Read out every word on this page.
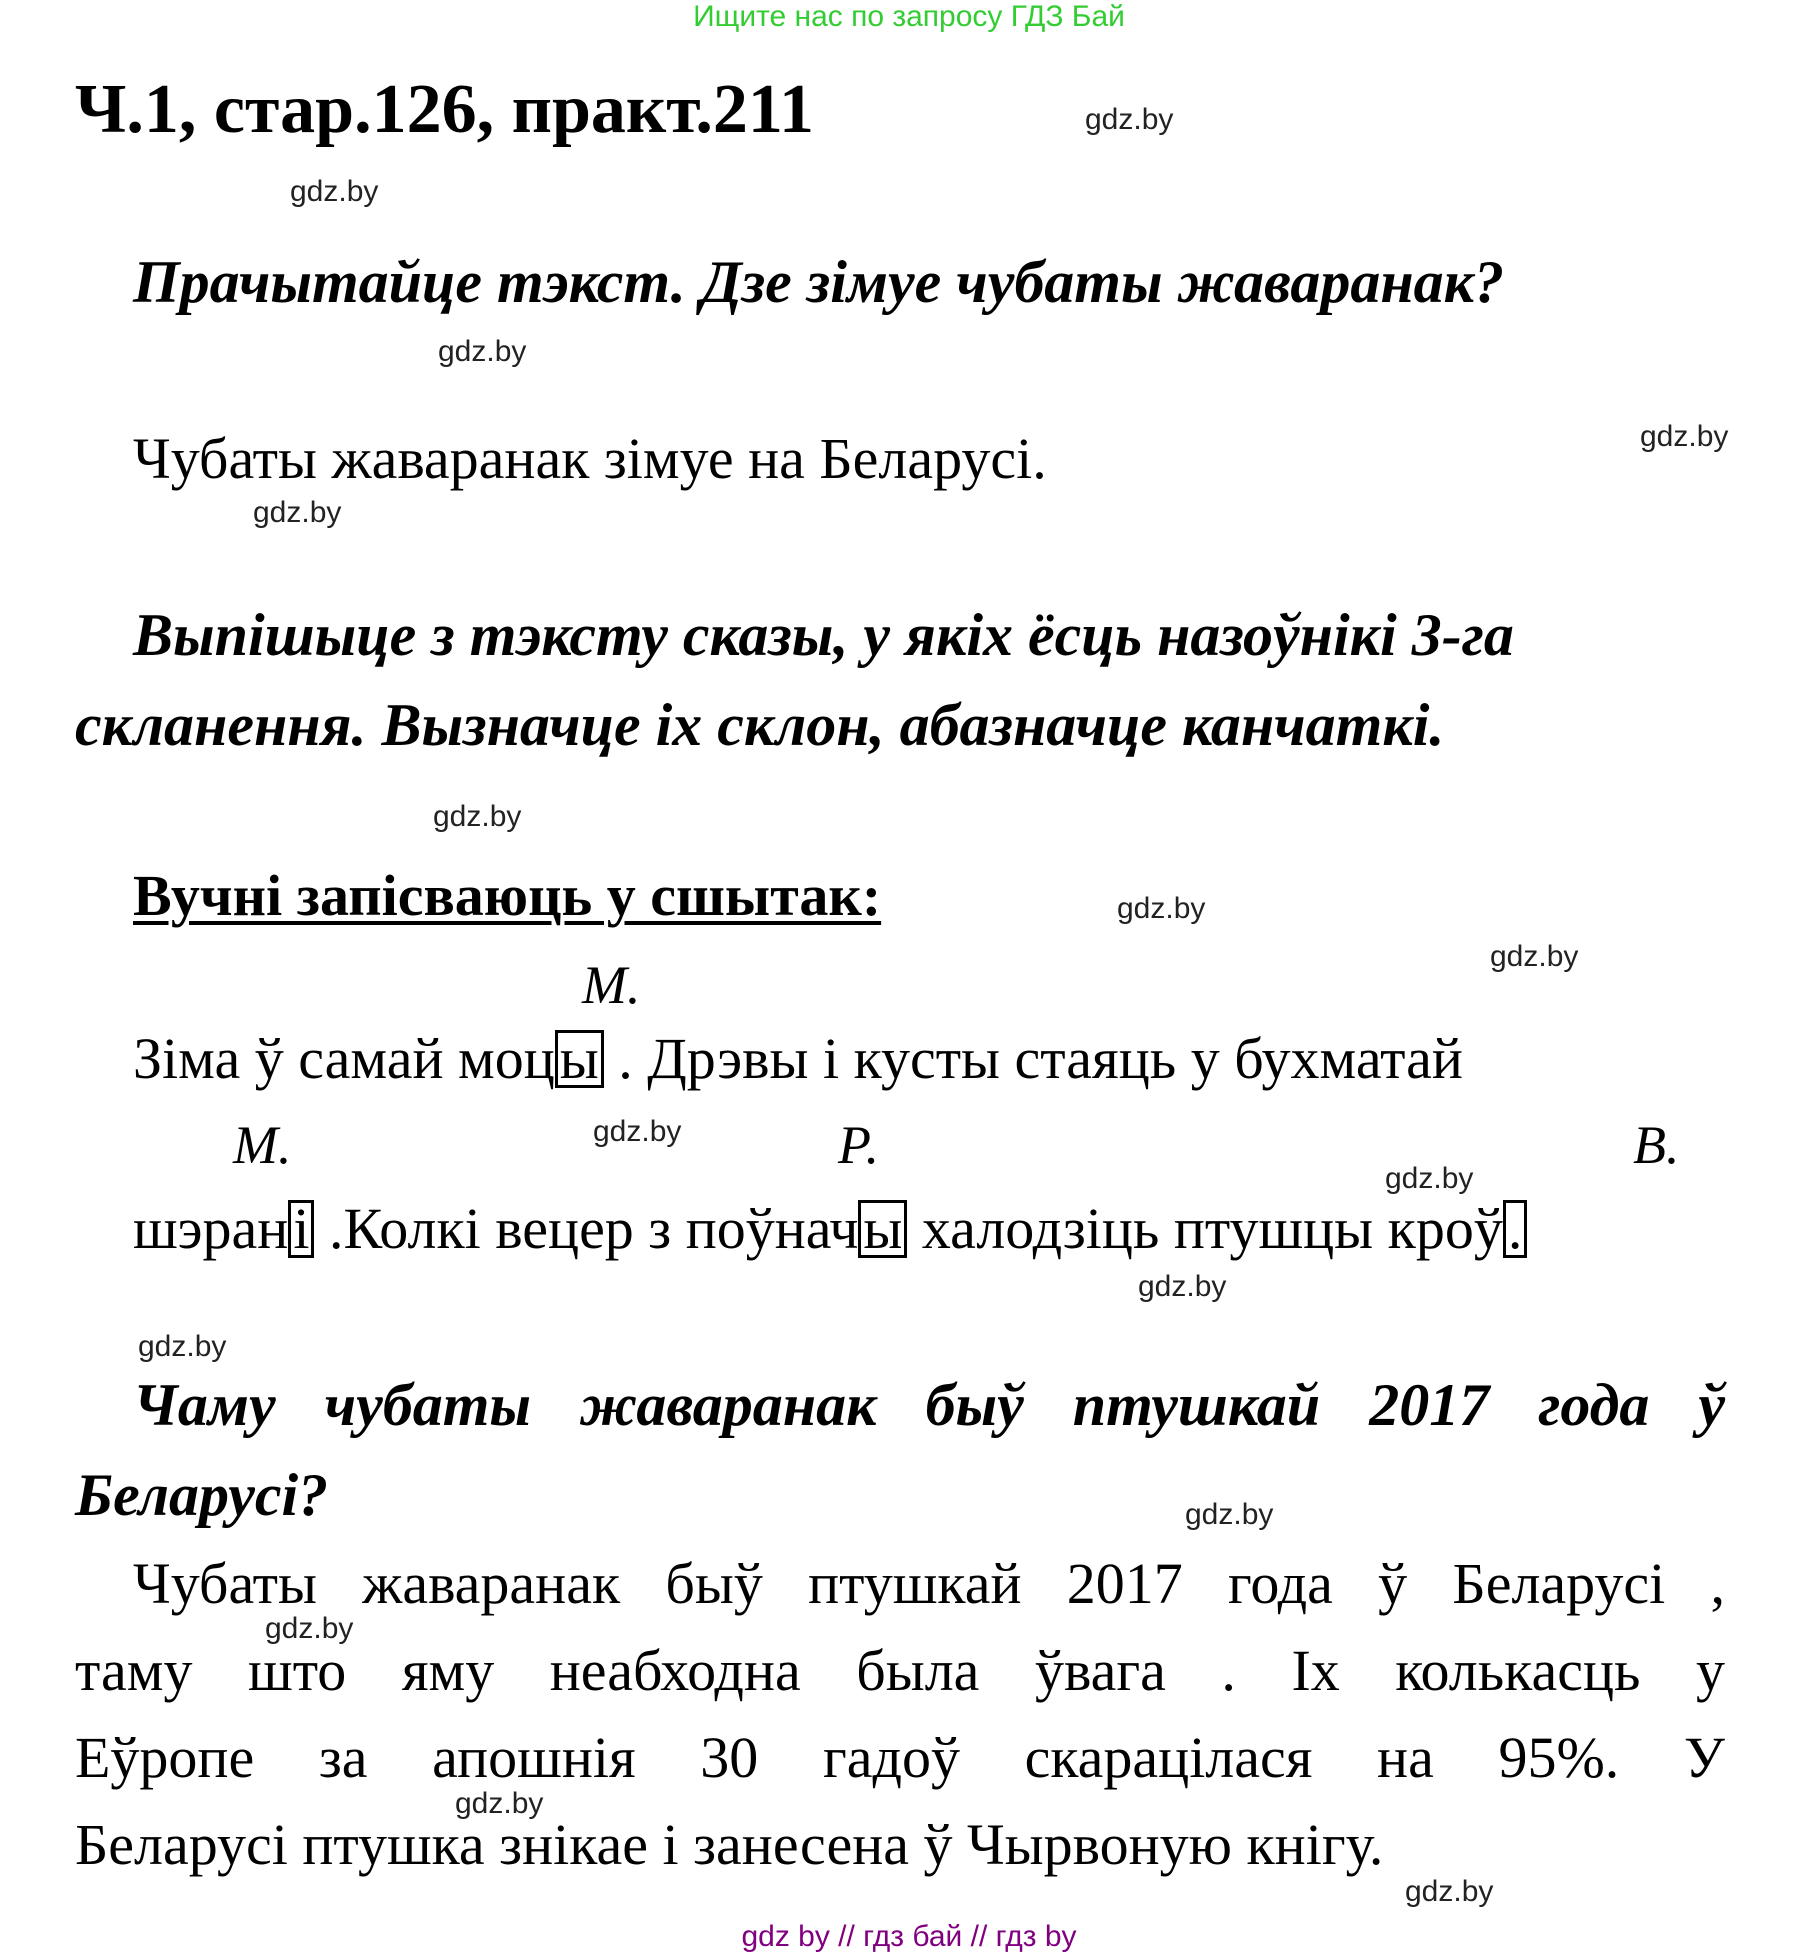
Ищите нас по запросу ГДЗ Бай
Ч.1, стар.126, практ.211
Прачытайце тэкст. Дзе зімуе чубаты жаваранак?
Чубаты жаваранак зімуе на Беларусі.
Выпішыце з тэксту сказы, у якіх ёсць назоўнікі 3-га
скланення. Вызначце іх склон, абазначце канчаткі.
Вучні запісваюць у сшытак:
М.
Зіма ў самай моцы . Дрэвы і кусты стаяць у бухматай
М.	Р.	В.
шэрані .Колкі вецер з поўначы халодзіць птушцы кроў.
Чаму чубаты жаваранак быў птушкай 2017 года ў
Беларусі?
Чубаты жаваранак быў птушкай 2017 года ў Беларусі ,
таму што яму неабходна была ўвага . Іх колькасць у
Еўропе за апошнія 30 гадоў скарацілася на 95%. У
Беларусі птушка знікае і занесена ў Чырвоную кнігу.
gdz.by
gdz.by
gdz.by
gdz.by
gdz.by
gdz.by
gdz.by
gdz.by
gdz.by
gdz.by
gdz.by
gdz.by
gdz.by
gdz.by
gdz.by
gdz.by
gdz by // гдз бай // гдз by
